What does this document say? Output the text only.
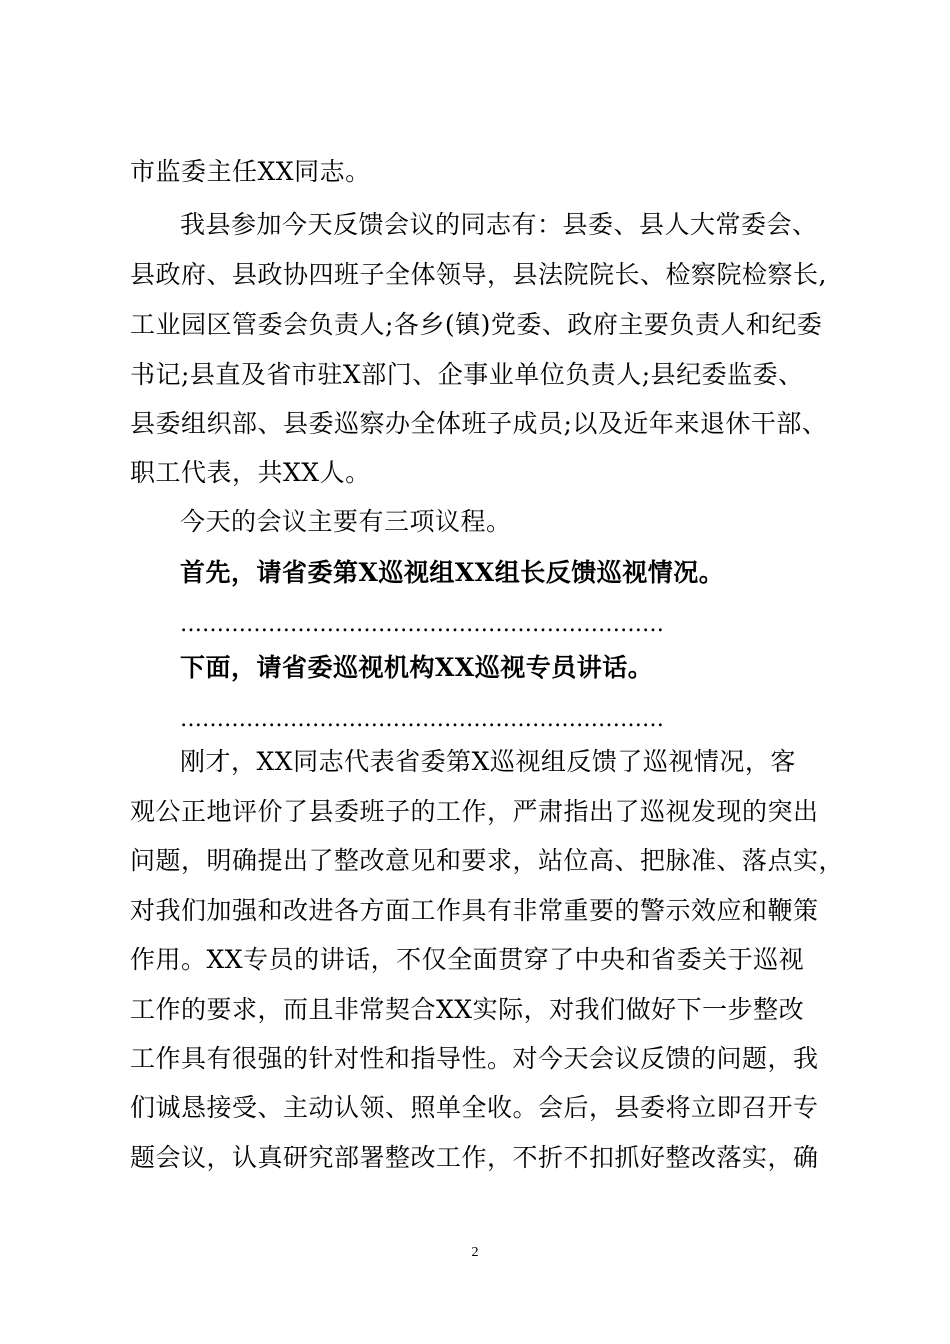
市监委主任XX同志。
我县参加今天反馈会议的同志有：县委、县人大常委会、
县政府、县政协四班子全体领导，县法院院长、检察院检察长,
工业园区管委会负责人;各乡(镇)党委、政府主要负责人和纪委
书记;县直及省市驻X部门、企事业单位负责人;县纪委监委、
县委组织部、县委巡察办全体班子成员;以及近年来退休干部、
职工代表，共XX人。
今天的会议主要有三项议程。
首先，请省委第X巡视组XX组长反馈巡视情况。
…………………………………………………………
下面，请省委巡视机构XX巡视专员讲话。
…………………………………………………………
刚才，XX同志代表省委第X巡视组反馈了巡视情况，客
观公正地评价了县委班子的工作，严肃指出了巡视发现的突出
问题，明确提出了整改意见和要求，站位高、把脉准、落点实，
对我们加强和改进各方面工作具有非常重要的警示效应和鞭策
作用。XX专员的讲话，不仅全面贯穿了中央和省委关于巡视
工作的要求，而且非常契合XX实际，对我们做好下一步整改
工作具有很强的针对性和指导性。对今天会议反馈的问题，我
们诚恳接受、主动认领、照单全收。会后，县委将立即召开专
题会议，认真研究部署整改工作，不折不扣抓好整改落实，确
2
